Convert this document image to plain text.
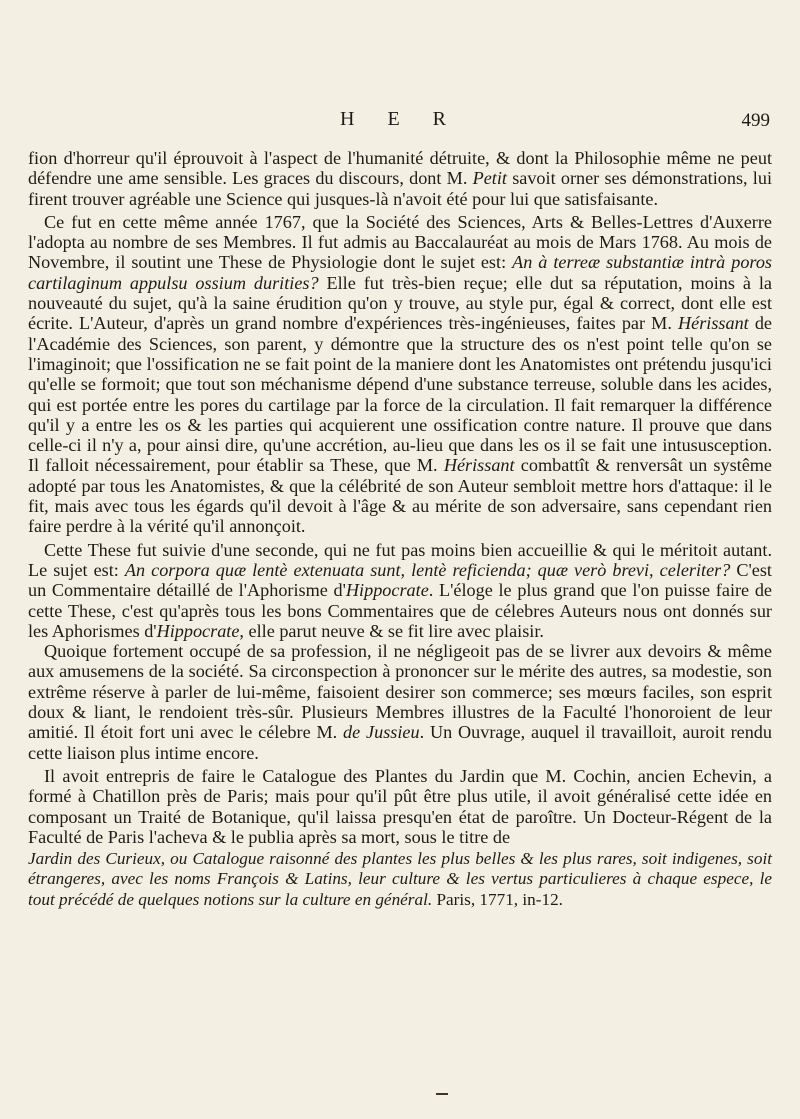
H E R	499

fion d'horreur qu'il éprouvoit à l'aspect de l'humanité détruite, & dont la Philosophie même ne peut défendre une ame sensible. Les graces du discours, dont M. Petit savoit orner ses démonstrations, lui firent trouver agréable une Science qui jusques-là n'avoit été pour lui que satisfaisante.

Ce fut en cette même année 1767, que la Société des Sciences, Arts & Belles-Lettres d'Auxerre l'adopta au nombre de ses Membres. Il fut admis au Baccalauréat au mois de Mars 1768. Au mois de Novembre, il soutint une These de Physiologie dont le sujet est: An à terreæ substantiæ intrà poros cartilaginum appulsu ossium durities? Elle fut très-bien reçue; elle dut sa réputation, moins à la nouveauté du sujet, qu'à la saine érudition qu'on y trouve, au style pur, égal & correct, dont elle est écrite. L'Auteur, d'après un grand nombre d'expériences très-ingénieuses, faites par M. Hérissant de l'Académie des Sciences, son parent, y démontre que la structure des os n'est point telle qu'on se l'imaginoit; que l'ossification ne se fait point de la maniere dont les Anatomistes ont prétendu jusqu'ici qu'elle se formoit; que tout son méchanisme dépend d'une substance terreuse, soluble dans les acides, qui est portée entre les pores du cartilage par la force de la circulation. Il fait remarquer la différence qu'il y a entre les os & les parties qui acquierent une ossification contre nature. Il prouve que dans celle-ci il n'y a, pour ainsi dire, qu'une accrétion, au-lieu que dans les os il se fait une intususception. Il falloit nécessairement, pour établir sa These, que M. Hérissant combattît & renversât un systême adopté par tous les Anatomistes, & que la célébrité de son Auteur sembloit mettre hors d'attaque: il le fit, mais avec tous les égards qu'il devoit à l'âge & au mérite de son adversaire, sans cependant rien faire perdre à la vérité qu'il annonçoit.

Cette These fut suivie d'une seconde, qui ne fut pas moins bien accueillie & qui le méritoit autant. Le sujet est: An corpora quæ lentè extenuata sunt, lentè reficienda; quæ verò brevi, celeriter? C'est un Commentaire détaillé de l'Aphorisme d'Hippocrate. L'éloge le plus grand que l'on puisse faire de cette These, c'est qu'après tous les bons Commentaires que de célebres Auteurs nous ont donnés sur les Aphorismes d'Hippocrate, elle parut neuve & se fit lire avec plaisir.

Quoique fortement occupé de sa profession, il ne négligeoit pas de se livrer aux devoirs & même aux amusemens de la société. Sa circonspection à prononcer sur le mérite des autres, sa modestie, son extrême réserve à parler de lui-même, faisoient desirer son commerce; ses mœurs faciles, son esprit doux & liant, le rendoient très-sûr. Plusieurs Membres illustres de la Faculté l'honoroient de leur amitié. Il étoit fort uni avec le célebre M. de Jussieu. Un Ouvrage, auquel il travailloit, auroit rendu cette liaison plus intime encore.

Il avoit entrepris de faire le Catalogue des Plantes du Jardin que M. Cochin, ancien Echevin, a formé à Chatillon près de Paris; mais pour qu'il pût être plus utile, il avoit généralisé cette idée en composant un Traité de Botanique, qu'il laissa presqu'en état de paroître. Un Docteur-Régent de la Faculté de Paris l'acheva & le publia après sa mort, sous le titre de

Jardin des Curieux, ou Catalogue raisonné des plantes les plus belles & les plus rares, soit indigenes, soit étrangeres, avec les noms François & Latins, leur culture & les vertus particulieres à chaque espece, le tout précédé de quelques notions sur la culture en général. Paris, 1771, in-12.
